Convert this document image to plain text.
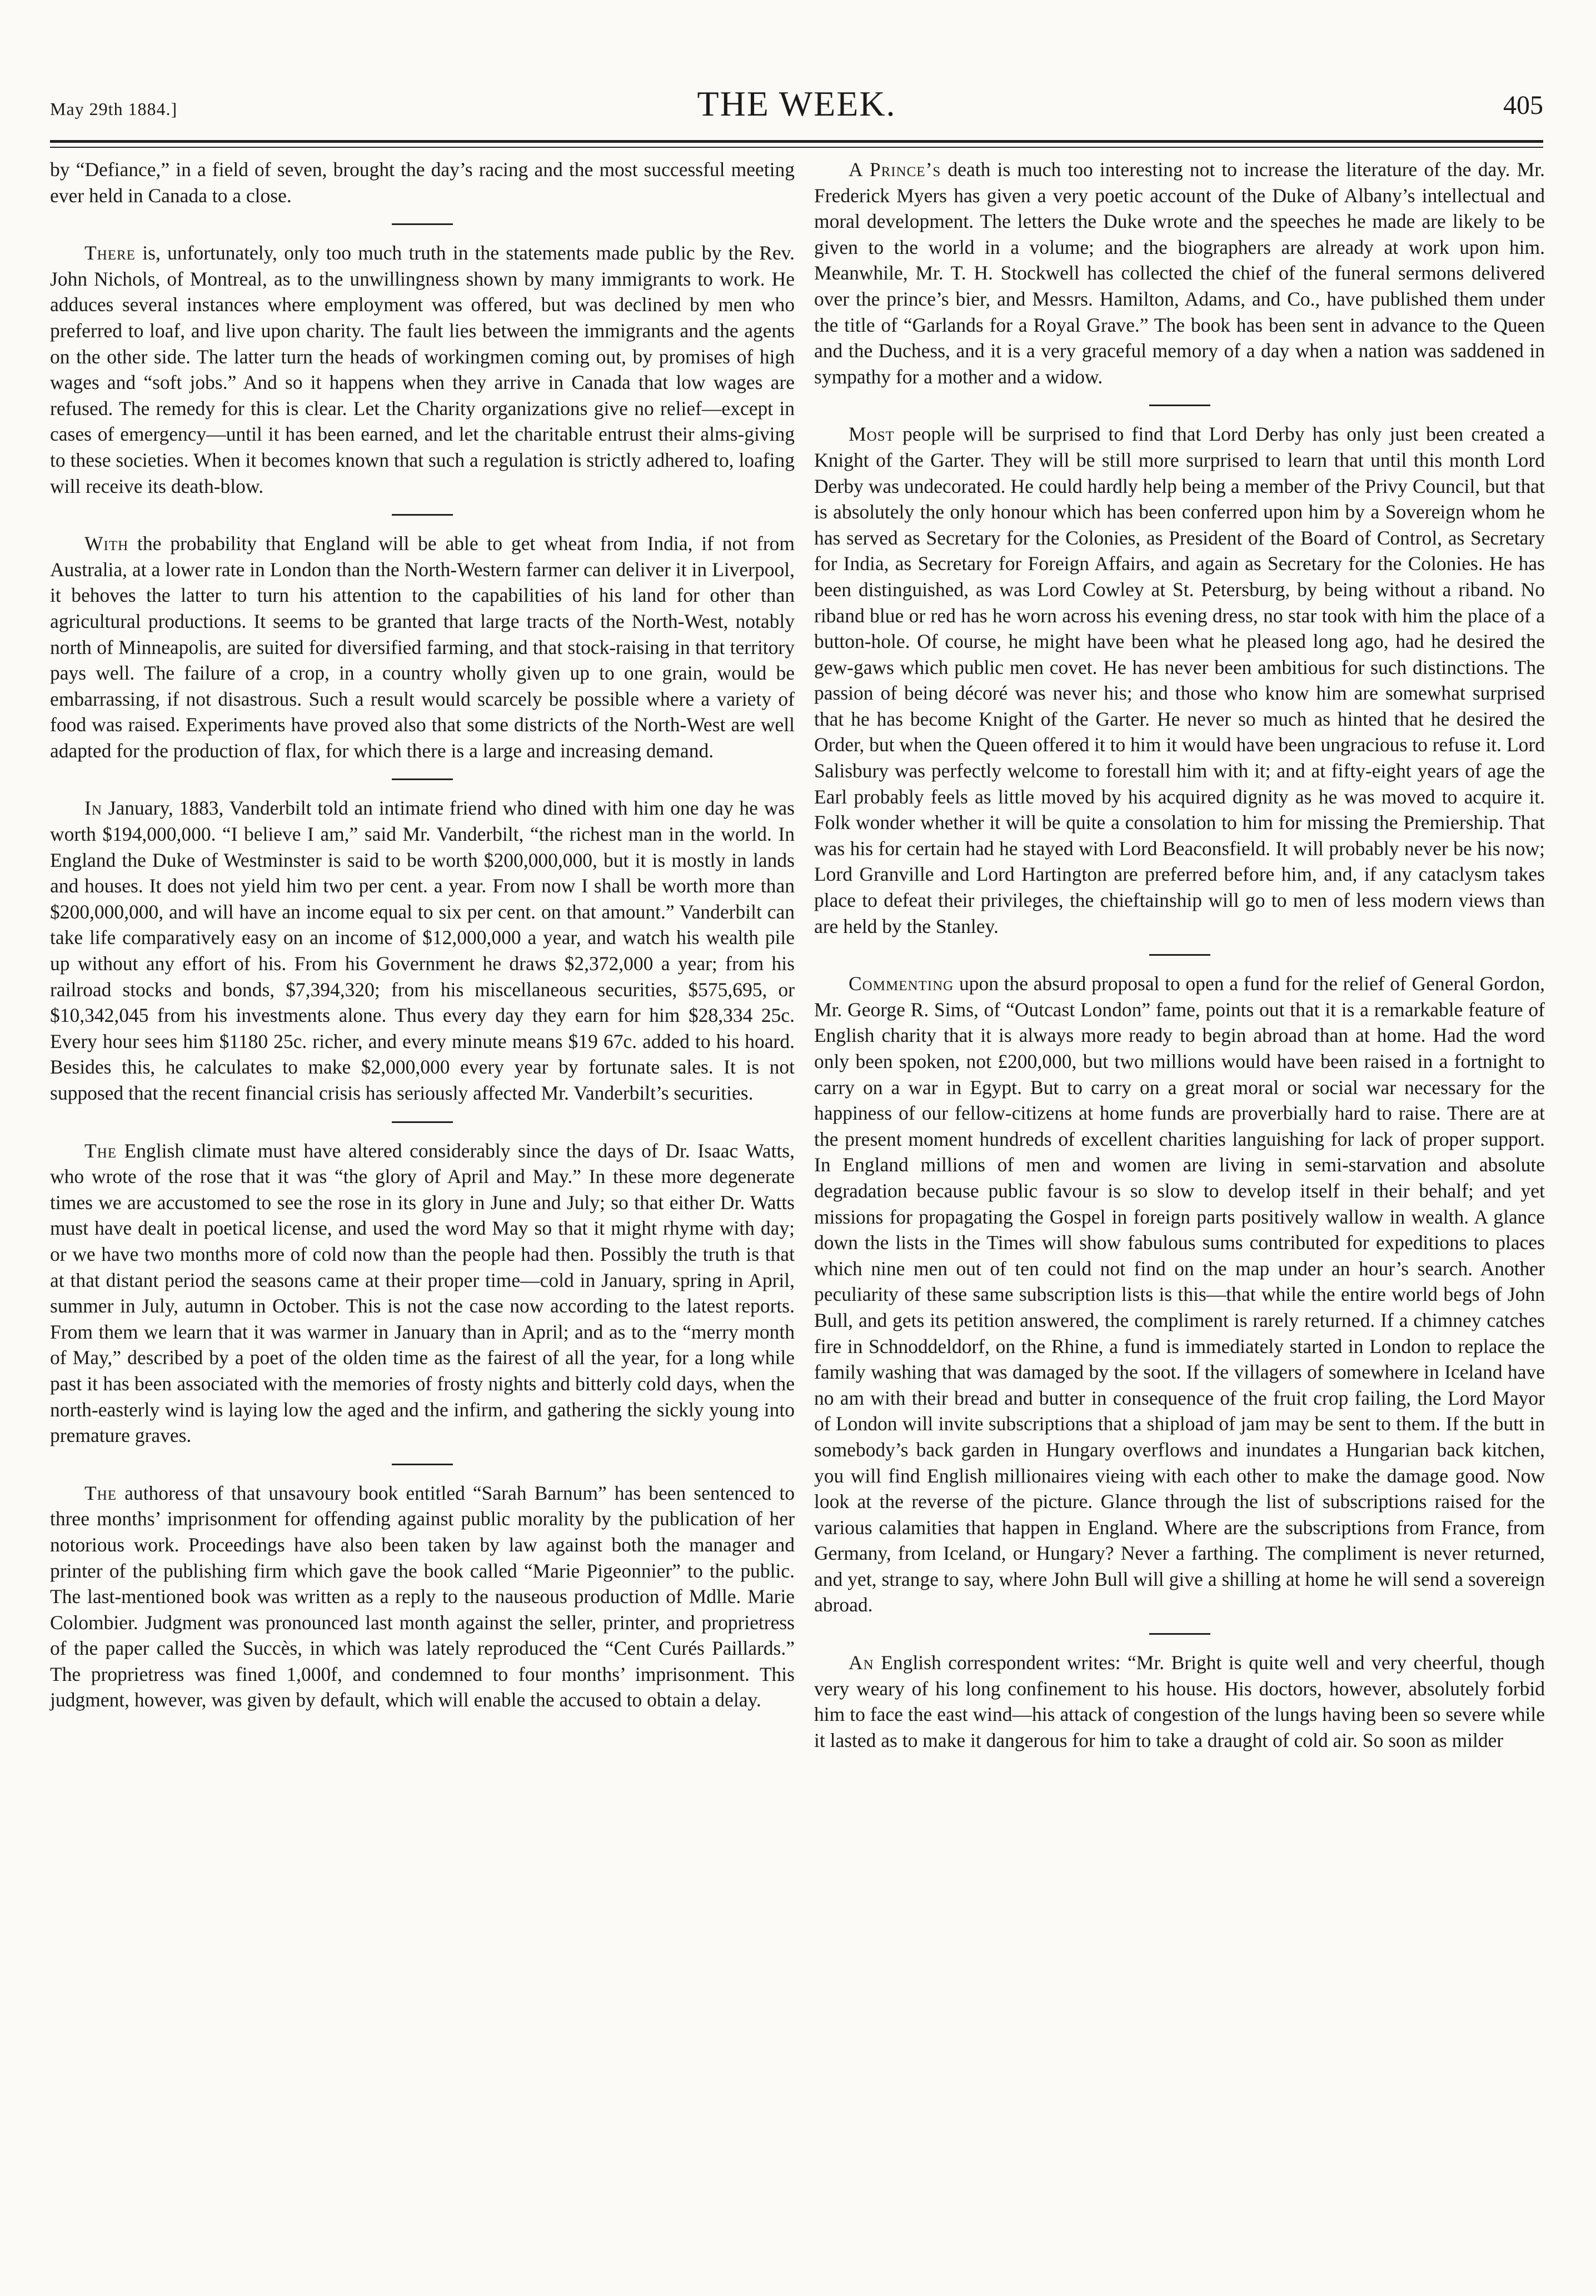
May 29th 1884.]	THE WEEK.	405

by “Defiance,” in a field of seven, brought the day’s racing and the most successful meeting ever held in Canada to a close.

There is, unfortunately, only too much truth in the statements made public by the Rev. John Nichols, of Montreal, as to the unwillingness shown by many immigrants to work. He adduces several instances where employment was offered, but was declined by men who preferred to loaf, and live upon charity. The fault lies between the immigrants and the agents on the other side. The latter turn the heads of workingmen coming out, by promises of high wages and “soft jobs.” And so it happens when they arrive in Canada that low wages are refused. The remedy for this is clear. Let the Charity organizations give no relief—except in cases of emergency—until it has been earned, and let the charitable entrust their alms-giving to these societies. When it becomes known that such a regulation is strictly adhered to, loafing will receive its death-blow.

With the probability that England will be able to get wheat from India, if not from Australia, at a lower rate in London than the North-Western farmer can deliver it in Liverpool, it behoves the latter to turn his attention to the capabilities of his land for other than agricultural productions. It seems to be granted that large tracts of the North-West, notably north of Minneapolis, are suited for diversified farming, and that stock-raising in that territory pays well. The failure of a crop, in a country wholly given up to one grain, would be embarrassing, if not disastrous. Such a result would scarcely be possible where a variety of food was raised. Experiments have proved also that some districts of the North-West are well adapted for the production of flax, for which there is a large and increasing demand.

In January, 1883, Vanderbilt told an intimate friend who dined with him one day he was worth $194,000,000. “I believe I am,” said Mr. Vanderbilt, “the richest man in the world. In England the Duke of Westminster is said to be worth $200,000,000, but it is mostly in lands and houses. It does not yield him two per cent. a year. From now I shall be worth more than $200,000,000, and will have an income equal to six per cent. on that amount.” Vanderbilt can take life comparatively easy on an income of $12,000,000 a year, and watch his wealth pile up without any effort of his. From his Government he draws $2,372,000 a year; from his railroad stocks and bonds, $7,394,320; from his miscellaneous securities, $575,695, or $10,342,045 from his investments alone. Thus every day they earn for him $28,334 25c. Every hour sees him $1180 25c. richer, and every minute means $19 67c. added to his hoard. Besides this, he calculates to make $2,000,000 every year by fortunate sales. It is not supposed that the recent financial crisis has seriously affected Mr. Vanderbilt’s securities.

The English climate must have altered considerably since the days of Dr. Isaac Watts, who wrote of the rose that it was “the glory of April and May.” In these more degenerate times we are accustomed to see the rose in its glory in June and July; so that either Dr. Watts must have dealt in poetical license, and used the word May so that it might rhyme with day; or we have two months more of cold now than the people had then. Possibly the truth is that at that distant period the seasons came at their proper time—cold in January, spring in April, summer in July, autumn in October. This is not the case now according to the latest reports. From them we learn that it was warmer in January than in April; and as to the “merry month of May,” described by a poet of the olden time as the fairest of all the year, for a long while past it has been associated with the memories of frosty nights and bitterly cold days, when the north-easterly wind is laying low the aged and the infirm, and gathering the sickly young into premature graves.

The authoress of that unsavoury book entitled “Sarah Barnum” has been sentenced to three months’ imprisonment for offending against public morality by the publication of her notorious work. Proceedings have also been taken by law against both the manager and printer of the publishing firm which gave the book called “Marie Pigeonnier” to the public. The last-mentioned book was written as a reply to the nauseous production of Mdlle. Marie Colombier. Judgment was pronounced last month against the seller, printer, and proprietress of the paper called the Succès, in which was lately reproduced the “Cent Curés Paillards.” The proprietress was fined 1,000f, and condemned to four months’ imprisonment. This judgment, however, was given by default, which will enable the accused to obtain a delay.

A Prince’s death is much too interesting not to increase the literature of the day. Mr. Frederick Myers has given a very poetic account of the Duke of Albany’s intellectual and moral development. The letters the Duke wrote and the speeches he made are likely to be given to the world in a volume; and the biographers are already at work upon him. Meanwhile, Mr. T. H. Stockwell has collected the chief of the funeral sermons delivered over the prince’s bier, and Messrs. Hamilton, Adams, and Co., have published them under the title of “Garlands for a Royal Grave.” The book has been sent in advance to the Queen and the Duchess, and it is a very graceful memory of a day when a nation was saddened in sympathy for a mother and a widow.

Most people will be surprised to find that Lord Derby has only just been created a Knight of the Garter. They will be still more surprised to learn that until this month Lord Derby was undecorated. He could hardly help being a member of the Privy Council, but that is absolutely the only honour which has been conferred upon him by a Sovereign whom he has served as Secretary for the Colonies, as President of the Board of Control, as Secretary for India, as Secretary for Foreign Affairs, and again as Secretary for the Colonies. He has been distinguished, as was Lord Cowley at St. Petersburg, by being without a riband. No riband blue or red has he worn across his evening dress, no star took with him the place of a button-hole. Of course, he might have been what he pleased long ago, had he desired the gew-gaws which public men covet. He has never been ambitious for such distinctions. The passion of being décoré was never his; and those who know him are somewhat surprised that he has become Knight of the Garter. He never so much as hinted that he desired the Order, but when the Queen offered it to him it would have been ungracious to refuse it. Lord Salisbury was perfectly welcome to forestall him with it; and at fifty-eight years of age the Earl probably feels as little moved by his acquired dignity as he was moved to acquire it. Folk wonder whether it will be quite a consolation to him for missing the Premiership. That was his for certain had he stayed with Lord Beaconsfield. It will probably never be his now; Lord Granville and Lord Hartington are preferred before him, and, if any cataclysm takes place to defeat their privileges, the chieftainship will go to men of less modern views than are held by the Stanley.

Commenting upon the absurd proposal to open a fund for the relief of General Gordon, Mr. George R. Sims, of “Outcast London” fame, points out that it is a remarkable feature of English charity that it is always more ready to begin abroad than at home. Had the word only been spoken, not £200,000, but two millions would have been raised in a fortnight to carry on a war in Egypt. But to carry on a great moral or social war necessary for the happiness of our fellow-citizens at home funds are proverbially hard to raise. There are at the present moment hundreds of excellent charities languishing for lack of proper support. In England millions of men and women are living in semi-starvation and absolute degradation because public favour is so slow to develop itself in their behalf; and yet missions for propagating the Gospel in foreign parts positively wallow in wealth. A glance down the lists in the Times will show fabulous sums contributed for expeditions to places which nine men out of ten could not find on the map under an hour’s search. Another peculiarity of these same subscription lists is this—that while the entire world begs of John Bull, and gets its petition answered, the compliment is rarely returned. If a chimney catches fire in Schnoddeldorf, on the Rhine, a fund is immediately started in London to replace the family washing that was damaged by the soot. If the villagers of somewhere in Iceland have no am with their bread and butter in consequence of the fruit crop failing, the Lord Mayor of London will invite subscriptions that a shipload of jam may be sent to them. If the butt in somebody’s back garden in Hungary overflows and inundates a Hungarian back kitchen, you will find English millionaires vieing with each other to make the damage good. Now look at the reverse of the picture. Glance through the list of subscriptions raised for the various calamities that happen in England. Where are the subscriptions from France, from Germany, from Iceland, or Hungary? Never a farthing. The compliment is never returned, and yet, strange to say, where John Bull will give a shilling at home he will send a sovereign abroad.

An English correspondent writes: “Mr. Bright is quite well and very cheerful, though very weary of his long confinement to his house. His doctors, however, absolutely forbid him to face the east wind—his attack of congestion of the lungs having been so severe while it lasted as to make it dangerous for him to take a draught of cold air. So soon as milder
